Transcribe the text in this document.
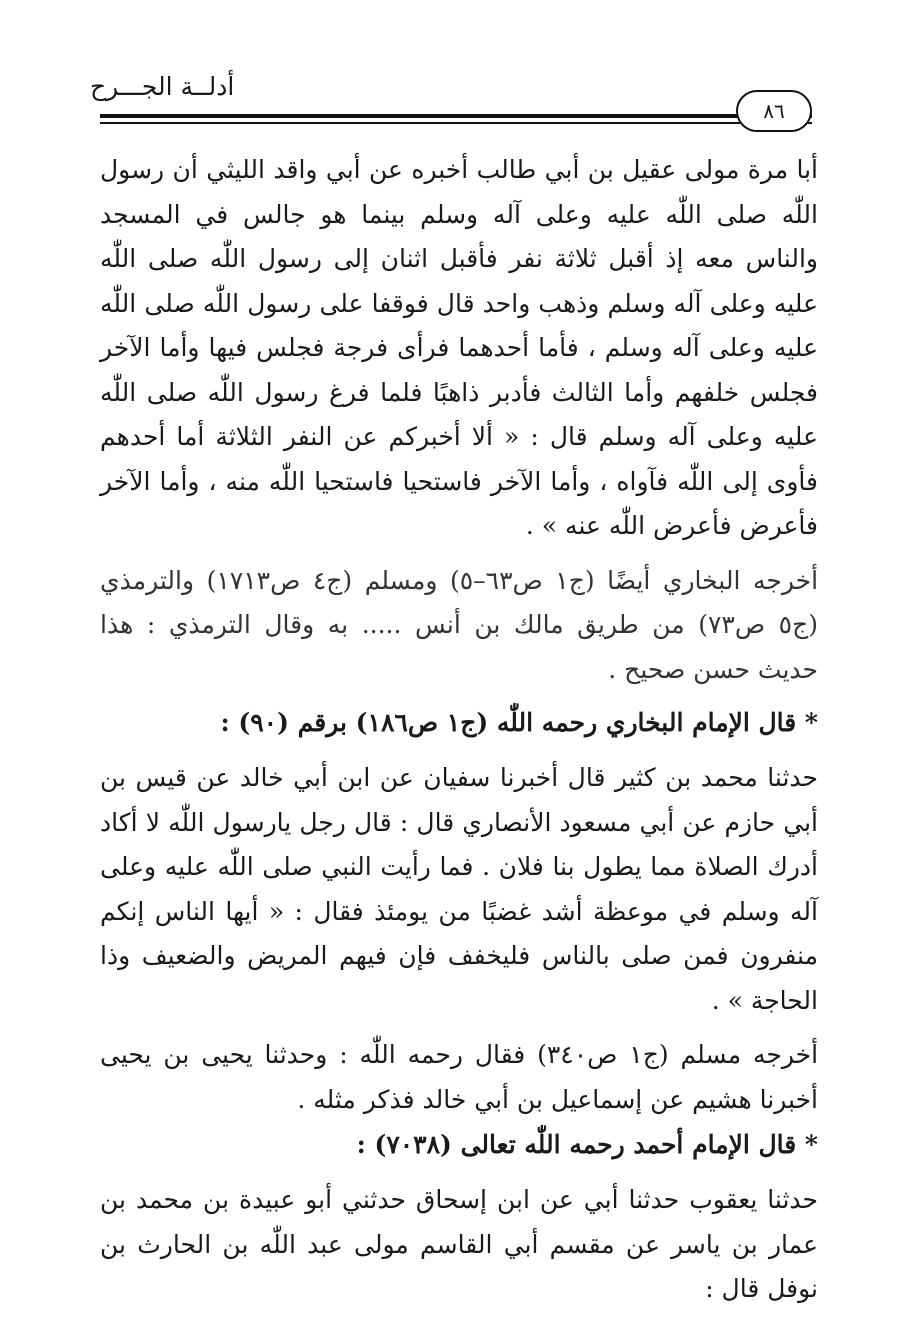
أدلــة الجـــرح
٨٦

أبا مرة مولى عقيل بن أبي طالب أخبره عن أبي واقد الليثي أن رسول اللّٰه صلى اللّٰه عليه وعلى آله وسلم بينما هو جالس في المسجد والناس معه إذ أقبل ثلاثة نفر فأقبل اثنان إلى رسول اللّٰه صلى اللّٰه عليه وعلى آله وسلم وذهب واحد قال فوقفا على رسول اللّٰه صلى اللّٰه عليه وعلى آله وسلم ، فأما أحدهما فرأى فرجة فجلس فيها وأما الآخر فجلس خلفهم وأما الثالث فأدبر ذاهبًا فلما فرغ رسول اللّٰه صلى اللّٰه عليه وعلى آله وسلم قال : « ألا أخبركم عن النفر الثلاثة أما أحدهم فأوى إلى اللّٰه فآواه ، وأما الآخر فاستحيا فاستحيا اللّٰه منه ، وأما الآخر فأعرض فأعرض اللّٰه عنه » .

أخرجه البخاري أيضًا (ج١ ص٦٣–٥) ومسلم (ج٤ ص١٧١٣) والترمذي (ج٥ ص٧٣) من طريق مالك بن أنس ..... به وقال الترمذي : هذا حديث حسن صحيح .

* قال الإمام البخاري رحمه اللّٰه (ج١ ص١٨٦) برقم (٩٠) :

حدثنا محمد بن كثير قال أخبرنا سفيان عن ابن أبي خالد عن قيس بن أبي حازم عن أبي مسعود الأنصاري قال : قال رجل يارسول اللّٰه لا أكاد أدرك الصلاة مما يطول بنا فلان . فما رأيت النبي صلى اللّٰه عليه وعلى آله وسلم في موعظة أشد غضبًا من يومئذ فقال : « أيها الناس إنكم منفرون فمن صلى بالناس فليخفف فإن فيهم المريض والضعيف وذا الحاجة » .

أخرجه مسلم (ج١ ص٣٤٠) فقال رحمه اللّٰه : وحدثنا يحيى بن يحيى أخبرنا هشيم عن إسماعيل بن أبي خالد فذكر مثله .

* قال الإمام أحمد رحمه اللّٰه تعالى (٧٠٣٨) :

حدثنا يعقوب حدثنا أبي عن ابن إسحاق حدثني أبو عبيدة بن محمد بن عمار بن ياسر عن مقسم أبي القاسم مولى عبد اللّٰه بن الحارث بن نوفل قال :
